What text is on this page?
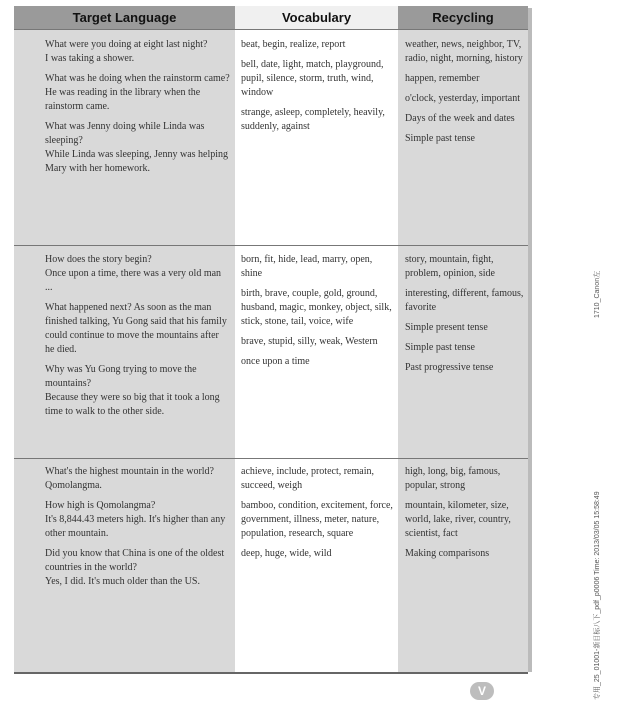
Target Language	Vocabulary	Recycling
What were you doing at eight last night?

I was taking a shower.

What was he doing when the rainstorm came?

He was reading in the library when the rainstorm came.

What was Jenny doing while Linda was sleeping?

While Linda was sleeping, Jenny was helping Mary with her homework.

beat, begin, realize, report

bell, date, light, match, playground, pupil, silence, storm, truth, wind, window

strange, asleep, completely, heavily, suddenly, against

weather, news, neighbor, TV, radio, night, morning, history

happen, remember

o'clock, yesterday, important

Days of the week and dates

Simple past tense

How does the story begin?

Once upon a time, there was a very old man ...

What happened next? As soon as the man finished talking, Yu Gong said that his family could continue to move the mountains after he died.

Why was Yu Gong trying to move the mountains?

Because they were so big that it took a long time to walk to the other side.

born, fit, hide, lead, marry, open, shine

birth, brave, couple, gold, ground, husband, magic, monkey, object, silk, stick, stone, tail, voice, wife

brave, stupid, silly, weak, Western

once upon a time

story, mountain, fight, problem, opinion, side

interesting, different, famous, favorite

Simple present tense

Simple past tense

Past progressive tense

What's the highest mountain in the world?

Qomolangma.

How high is Qomolangma?

It's 8,844.43 meters high. It's higher than any other mountain.

Did you know that China is one of the oldest countries in the world?

Yes, I did. It's much older than the US.

achieve, include, protect, remain, succeed, weigh

bamboo, condition, excitement, force, government, illness, meter, nature, population, research, square

deep, huge, wide, wild

high, long, big, famous, popular, strong

mountain, kilometer, size, world, lake, river, country, scientist, fact

Making comparisons

V
1710_Canon左
专用_25_01001-新目标八下_pdf_p0006 Time: 2013/03/05 15:58:49
